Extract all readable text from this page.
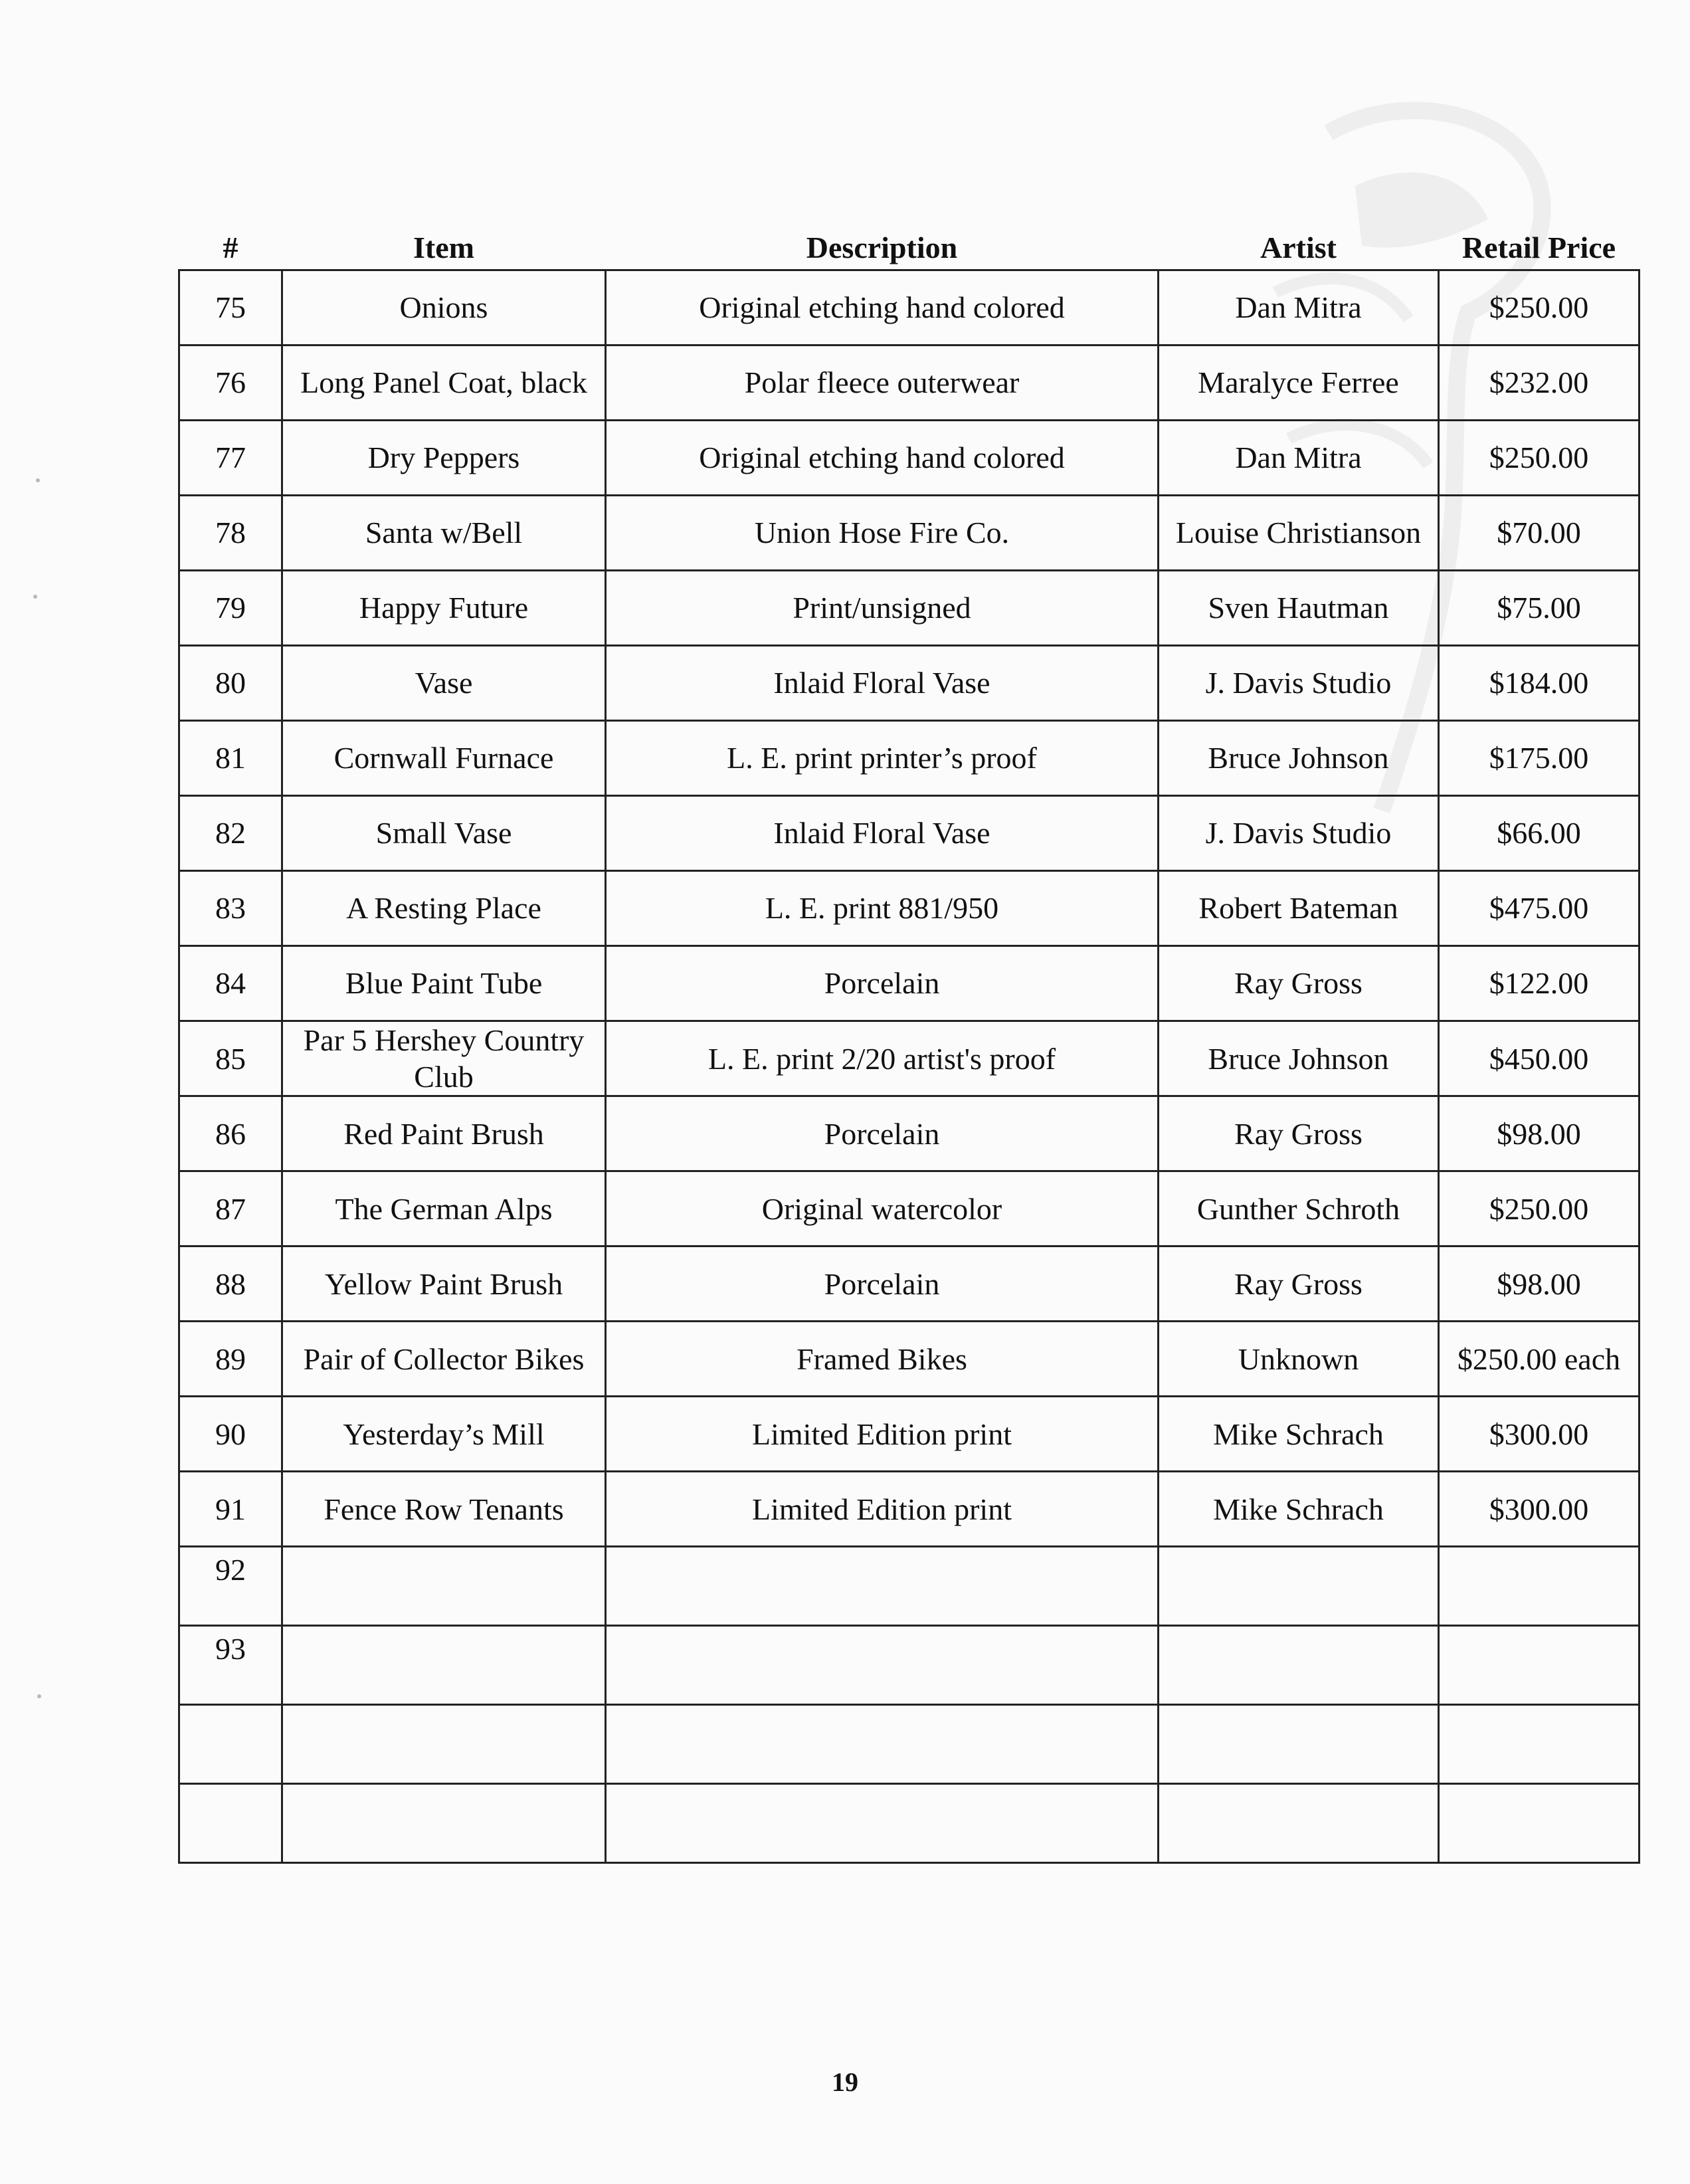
#	Item	Description	Artist	Retail Price
75	Onions	Original etching hand colored	Dan Mitra	$250.00
76	Long Panel Coat, black	Polar fleece outerwear	Maralyce Ferree	$232.00
77	Dry Peppers	Original etching hand colored	Dan Mitra	$250.00
78	Santa w/Bell	Union Hose Fire Co.	Louise Christianson	$70.00
79	Happy Future	Print/unsigned	Sven Hautman	$75.00
80	Vase	Inlaid Floral Vase	J. Davis Studio	$184.00
81	Cornwall Furnace	L. E. print printer’s proof	Bruce Johnson	$175.00
82	Small Vase	Inlaid Floral Vase	J. Davis Studio	$66.00
83	A Resting Place	L. E. print 881/950	Robert Bateman	$475.00
84	Blue Paint Tube	Porcelain	Ray Gross	$122.00
85	Par 5 Hershey Country Club	L. E. print 2/20 artist's proof	Bruce Johnson	$450.00
86	Red Paint Brush	Porcelain	Ray Gross	$98.00
87	The German Alps	Original watercolor	Gunther Schroth	$250.00
88	Yellow Paint Brush	Porcelain	Ray Gross	$98.00
89	Pair of Collector Bikes	Framed Bikes	Unknown	$250.00 each
90	Yesterday’s Mill	Limited Edition print	Mike Schrach	$300.00
91	Fence Row Tenants	Limited Edition print	Mike Schrach	$300.00
92				
93				

19
